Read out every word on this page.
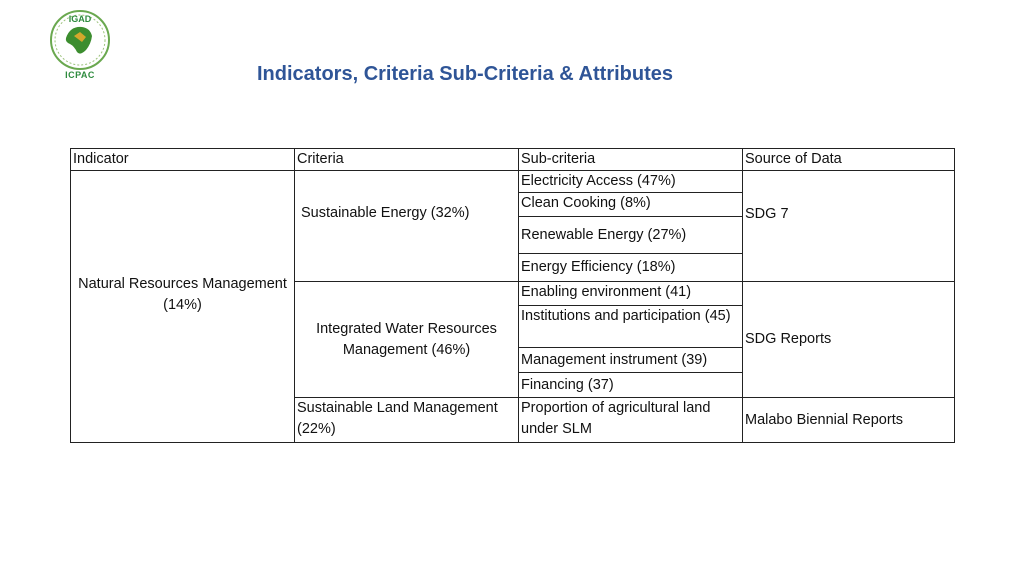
IGAD
ICPAC	Indicators, Criteria Sub-Criteria & Attributes
Indicator	Criteria	Sub-criteria	Source of Data

Natural Resources Management (14%)	Sustainable Energy (32%)	Electricity Access (47%)	SDG 7

		Clean Cooking (8%)	
		Renewable Energy (27%)	
		Energy Efficiency (18%)	
	Integrated Water Resources Management (46%)	Enabling environment (41)	SDG Reports
		Institutions and participation (45)	
		Management instrument (39)	
		Financing (37)	
	Sustainable Land Management (22%)	Proportion of agricultural land under SLM	Malabo Biennial Reports
